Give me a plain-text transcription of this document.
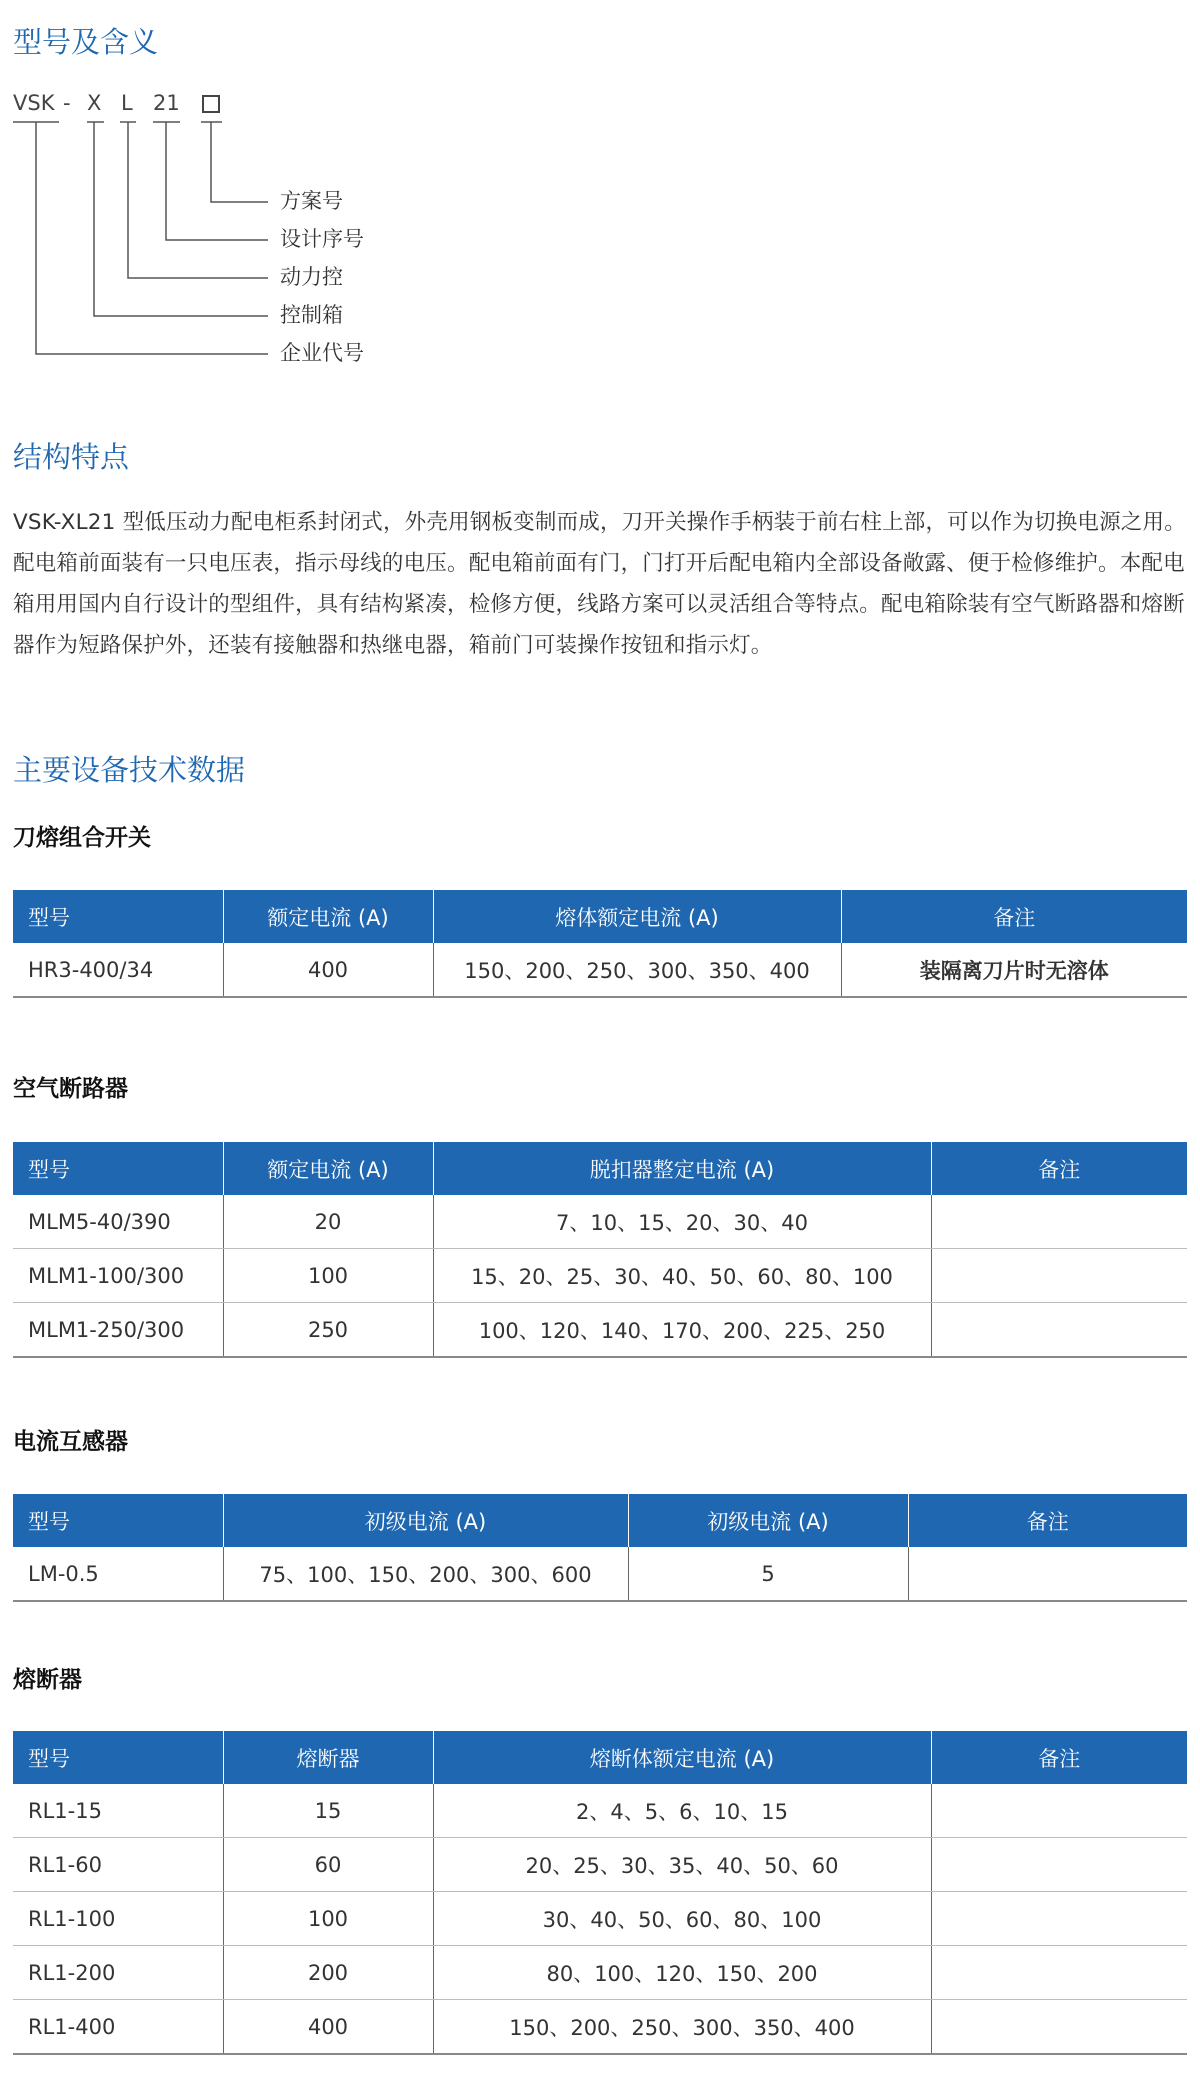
型号及含义
VSK - X L 21
方案号
设计序号
动力控
控制箱
企业代号
结构特点

VSK-XL21 型低压动力配电柜系封闭式，外壳用钢板变制而成，刀开关操作手柄装于前右柱上部，可以作为切换电源之用。配电箱前面装有一只电压表，指示母线的电压。配电箱前面有门，门打开后配电箱内全部设备敞露、便于检修维护。本配电箱用用国内自行设计的型组件，具有结构紧凑，检修方便，线路方案可以灵活组合等特点。配电箱除装有空气断路器和熔断器作为短路保护外，还装有接触器和热继电器，箱前门可装操作按钮和指示灯。

主要设备技术数据
刀熔组合开关
型号	额定电流 (A)	熔体额定电流 (A)	备注
HR3-400/34	400	150、200、250、300、350、400	装隔离刀片时无溶体
空气断路器
型号	额定电流 (A)	脱扣器整定电流 (A)	备注
MLM5-40/390	20	7、10、15、20、30、40	
MLM1-100/300	100	15、20、25、30、40、50、60、80、100	
MLM1-250/300	250	100、120、140、170、200、225、250	
电流互感器
型号	初级电流 (A)	初级电流 (A)	备注
LM-0.5	75、100、150、200、300、600	5	
熔断器
型号	熔断器	熔断体额定电流 (A)	备注
RL1-15	15	2、4、5、6、10、15	
RL1-60	60	20、25、30、35、40、50、60	
RL1-100	100	30、40、50、60、80、100	
RL1-200	200	80、100、120、150、200	
RL1-400	400	150、200、250、300、350、400	
